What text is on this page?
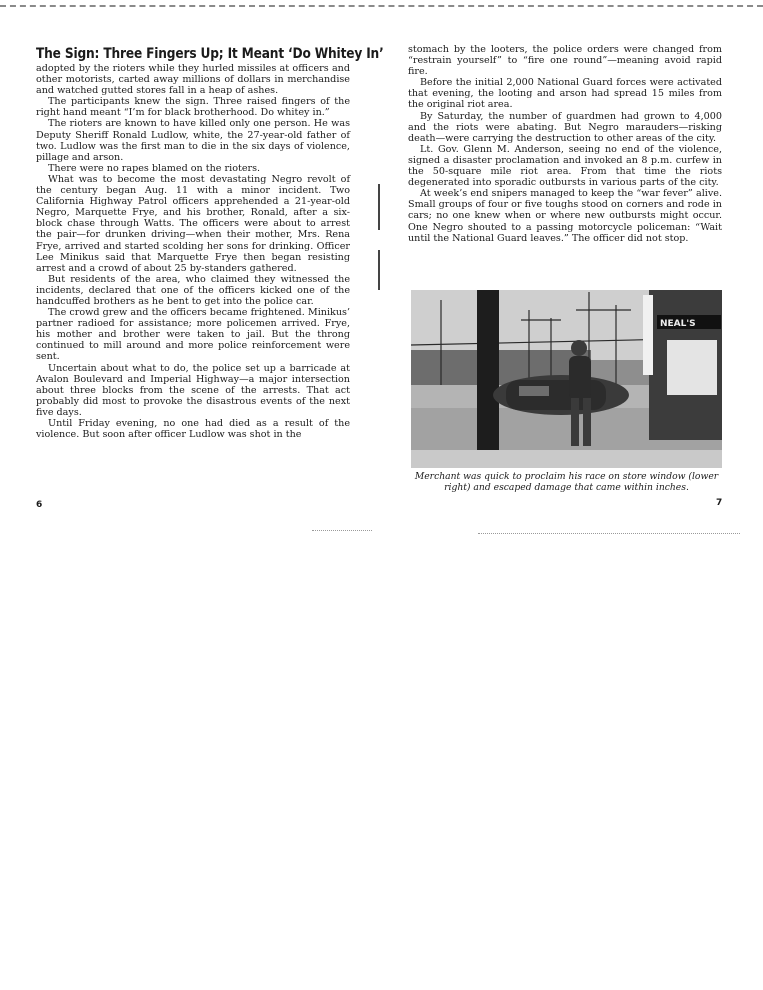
The Sign: Three Fingers Up; It Meant ‘Do Whitey In’

adopted by the rioters while they hurled missiles at officers and other motorists, carted away millions of dollars in merchandise and watched gutted stores fall in a heap of ashes.

The participants knew the sign. Three raised fingers of the right hand meant “I’m for black brotherhood. Do whitey in.”

The rioters are known to have killed only one person. He was Deputy Sheriff Ronald Ludlow, white, the 27-year-old father of two. Ludlow was the first man to die in the six days of violence, pillage and arson.

There were no rapes blamed on the rioters.

What was to become the most devastating Negro revolt of the century began Aug. 11 with a minor incident. Two California Highway Patrol officers apprehended a 21-year-old Negro, Marquette Frye, and his brother, Ronald, after a six-block chase through Watts. The officers were about to arrest the pair—for drunken driving—when their mother, Mrs. Rena Frye, arrived and started scolding her sons for drinking. Officer Lee Minikus said that Marquette Frye then began resisting arrest and a crowd of about 25 by-standers gathered.

But residents of the area, who claimed they witnessed the incidents, declared that one of the officers kicked one of the handcuffed brothers as he bent to get into the police car.

The crowd grew and the officers became frightened. Minikus’ partner radioed for assistance; more policemen arrived. Frye, his mother and brother were taken to jail. But the throng continued to mill around and more police reinforcement were sent.

Uncertain about what to do, the police set up a barricade at Avalon Boulevard and Imperial Highway—a major intersection about three blocks from the scene of the arrests. That act probably did most to provoke the disastrous events of the next five days.

Until Friday evening, no one had died as a result of the violence. But soon after officer Ludlow was shot in the

stomach by the looters, the police orders were changed from “restrain yourself” to “fire one round”—meaning avoid rapid fire.

Before the initial 2,000 National Guard forces were activated that evening, the looting and arson had spread 15 miles from the original riot area.

By Saturday, the number of guardmen had grown to 4,000 and the riots were abating. But Negro marauders—risking death—were carrying the destruction to other areas of the city.

Lt. Gov. Glenn M. Anderson, seeing no end of the violence, signed a disaster proclamation and invoked an 8 p.m. curfew in the 50-square mile riot area. From that time the riots degenerated into sporadic outbursts in various parts of the city.

At week’s end snipers managed to keep the “war fever” alive. Small groups of four or five toughs stood on corners and rode in cars; no one knew when or where new outbursts might occur. One Negro shouted to a passing motorcycle policeman: “Wait until the National Guard leaves.” The officer did not stop.

NEAL'S
Merchant was quick to proclaim his race on store window (lower right) and escaped damage that came within inches.
6	7
